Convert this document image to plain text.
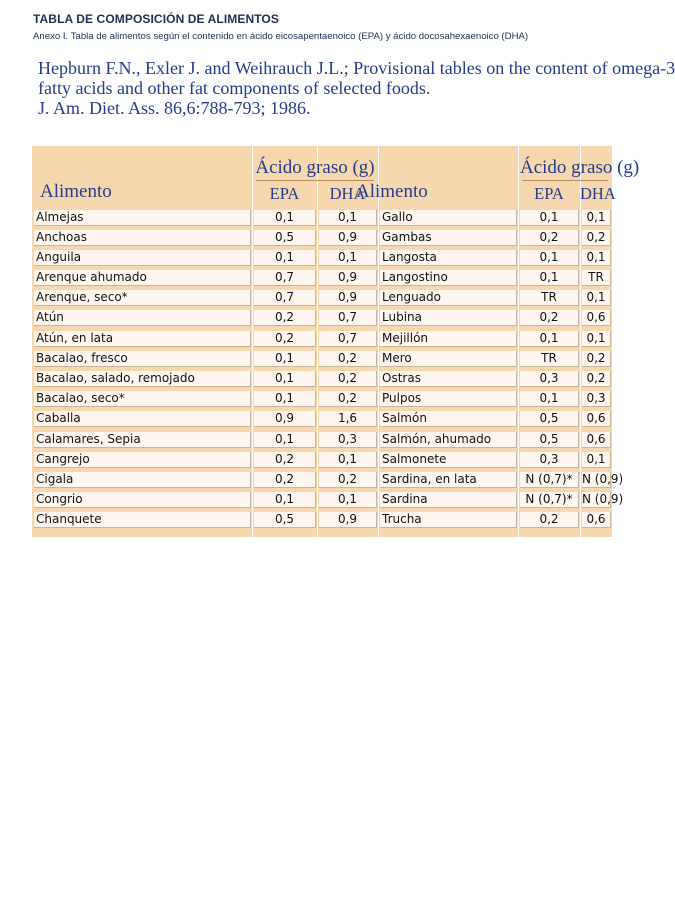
TABLA DE COMPOSICIÓN DE ALIMENTOS
Anexo I. Tabla de alimentos según el contenido en ácido eicosapentaenoico (EPA) y ácido docosahexaenoico (DHA)
Hepburn F.N., Exler J. and Weihrauch J.L.; Provisional tables on the content of omega-3
fatty acids and other fat components of selected foods.
J. Am. Diet. Ass. 86,6:788-793; 1986.
Ácido graso (g)
Alimento	EPA	DHA
Ácido graso (g)
Alimento	EPA DHA
Almejas	0,1	0,1	Gallo	0,1	0,1
Anchoas	0,5	0,9	Gambas	0,2	0,2
Anguila	0,1	0,1	Langosta	0,1	0,1
Arenque ahumado	0,7	0,9	Langostino	0,1	TR
Arenque, seco*	0,7	0,9	Lenguado	TR	0,1
Atún	0,2	0,7	Lubina	0,2	0,6
Atún, en lata	0,2	0,7	Mejillón	0,1	0,1
Bacalao, fresco	0,1	0,2	Mero	TR	0,2
Bacalao, salado, remojado	0,1	0,2	Ostras	0,3	0,2
Bacalao, seco*	0,1	0,2	Pulpos	0,1	0,3
Caballa	0,9	1,6	Salmón	0,5	0,6
Calamares, Sepia	0,1	0,3	Salmón, ahumado	0,5	0,6
Cangrejo	0,2	0,1	Salmonete	0,3	0,1
Cigala	0,2	0,2	Sardina, en lata	N (0,7)* N (0,9)
Congrio	0,1	0,1	Sardina	N (0,7)* N (0,9)
Chanquete	0,5	0,9	Trucha	0,2	0,6
